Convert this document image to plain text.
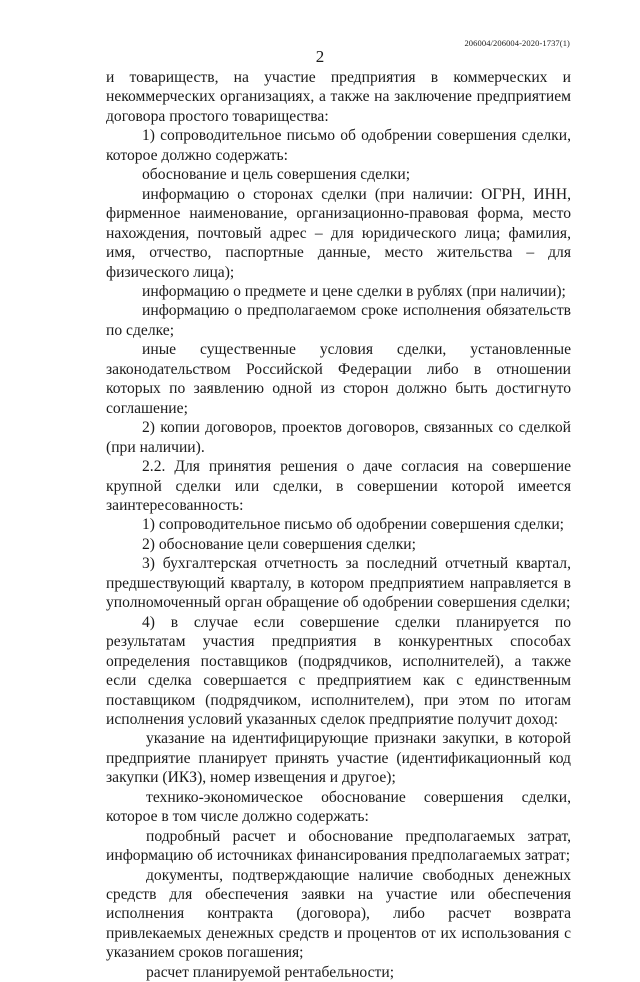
206004/206004-2020-1737(1)
2

и товариществ, на участие предприятия в коммерческих и некоммерческих организациях, а также на заключение предприятием договора простого товарищества:

1) сопроводительное письмо об одобрении совершения сделки, которое должно содержать:

обоснование и цель совершения сделки;

информацию о сторонах сделки (при наличии: ОГРН, ИНН, фирменное наименование, организационно-правовая форма, место нахождения, почтовый адрес – для юридического лица; фамилия, имя, отчество, паспортные данные, место жительства – для физического лица);

информацию о предмете и цене сделки в рублях (при наличии);

информацию о предполагаемом сроке исполнения обязательств по сделке;

иные существенные условия сделки, установленные законодательством Российской Федерации либо в отношении которых по заявлению одной из сторон должно быть достигнуто соглашение;

2) копии договоров, проектов договоров, связанных со сделкой (при наличии).

2.2. Для принятия решения о даче согласия на совершение крупной сделки или сделки, в совершении которой имеется заинтересованность:

1) сопроводительное письмо об одобрении совершения сделки;

2) обоснование цели совершения сделки;

3) бухгалтерская отчетность за последний отчетный квартал, предшествующий кварталу, в котором предприятием направляется в уполномоченный орган обращение об одобрении совершения сделки;

4) в случае если совершение сделки планируется по результатам участия предприятия в конкурентных способах определения поставщиков (подрядчиков, исполнителей), а также если сделка совершается с предприятием как с единственным поставщиком (подрядчиком, исполнителем), при этом по итогам исполнения условий указанных сделок предприятие получит доход:

указание на идентифицирующие признаки закупки, в которой предприятие планирует принять участие (идентификационный код закупки (ИКЗ), номер извещения и другое);

технико-экономическое обоснование совершения сделки, которое в том числе должно содержать:

подробный расчет и обоснование предполагаемых затрат, информацию об источниках финансирования предполагаемых затрат;

документы, подтверждающие наличие свободных денежных средств для обеспечения заявки на участие или обеспечения исполнения контракта (договора), либо расчет возврата привлекаемых денежных средств и процентов от их использования с указанием сроков погашения;

расчет планируемой рентабельности;
